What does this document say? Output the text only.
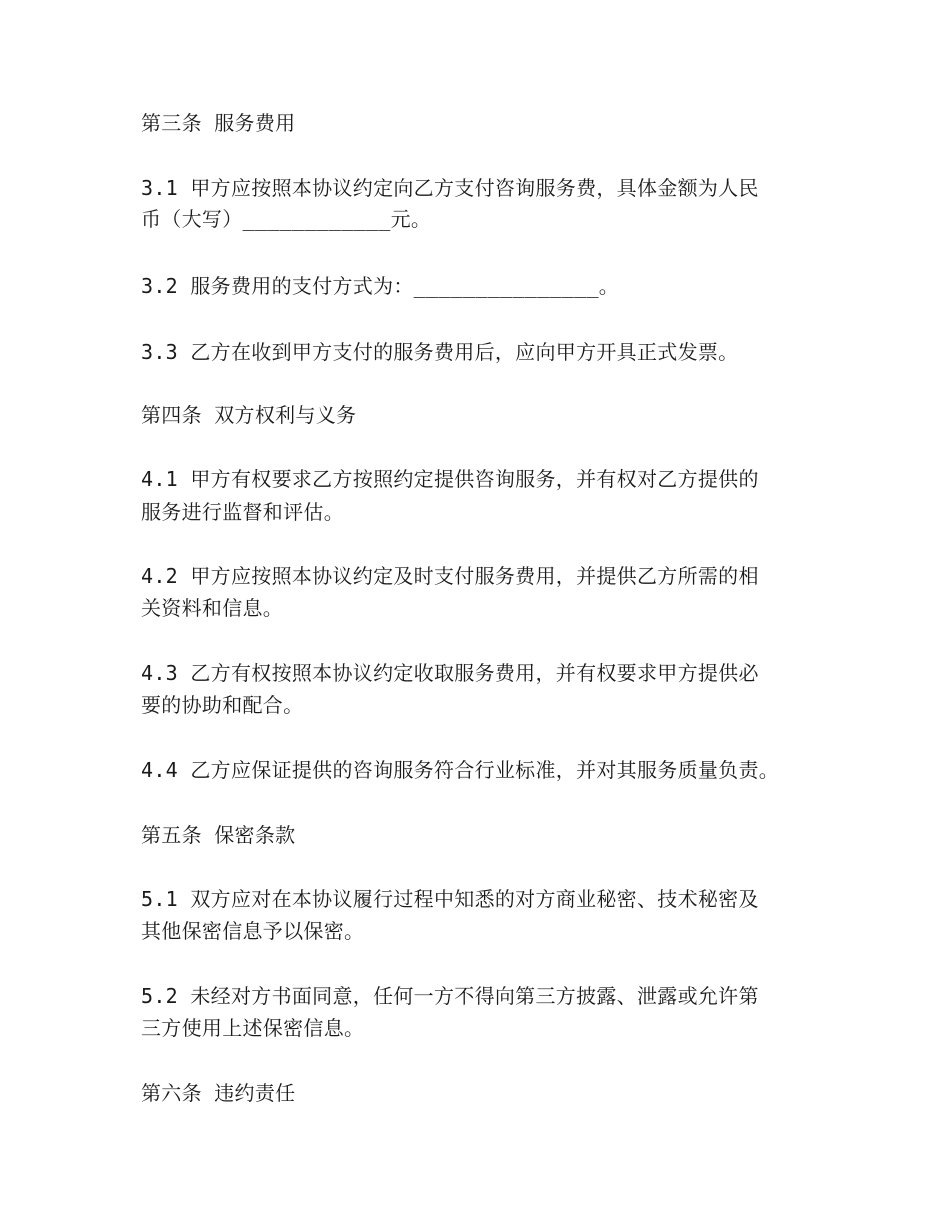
第三条 服务费用
3.1 甲方应按照本协议约定向乙方支付咨询服务费，具体金额为人民
币（大写）____________元。
3.2 服务费用的支付方式为：_______________。
3.3 乙方在收到甲方支付的服务费用后，应向甲方开具正式发票。
第四条 双方权利与义务
4.1 甲方有权要求乙方按照约定提供咨询服务，并有权对乙方提供的
服务进行监督和评估。
4.2 甲方应按照本协议约定及时支付服务费用，并提供乙方所需的相
关资料和信息。
4.3 乙方有权按照本协议约定收取服务费用，并有权要求甲方提供必
要的协助和配合。
4.4 乙方应保证提供的咨询服务符合行业标准，并对其服务质量负责。
第五条 保密条款
5.1 双方应对在本协议履行过程中知悉的对方商业秘密、技术秘密及
其他保密信息予以保密。
5.2 未经对方书面同意，任何一方不得向第三方披露、泄露或允许第
三方使用上述保密信息。
第六条 违约责任
